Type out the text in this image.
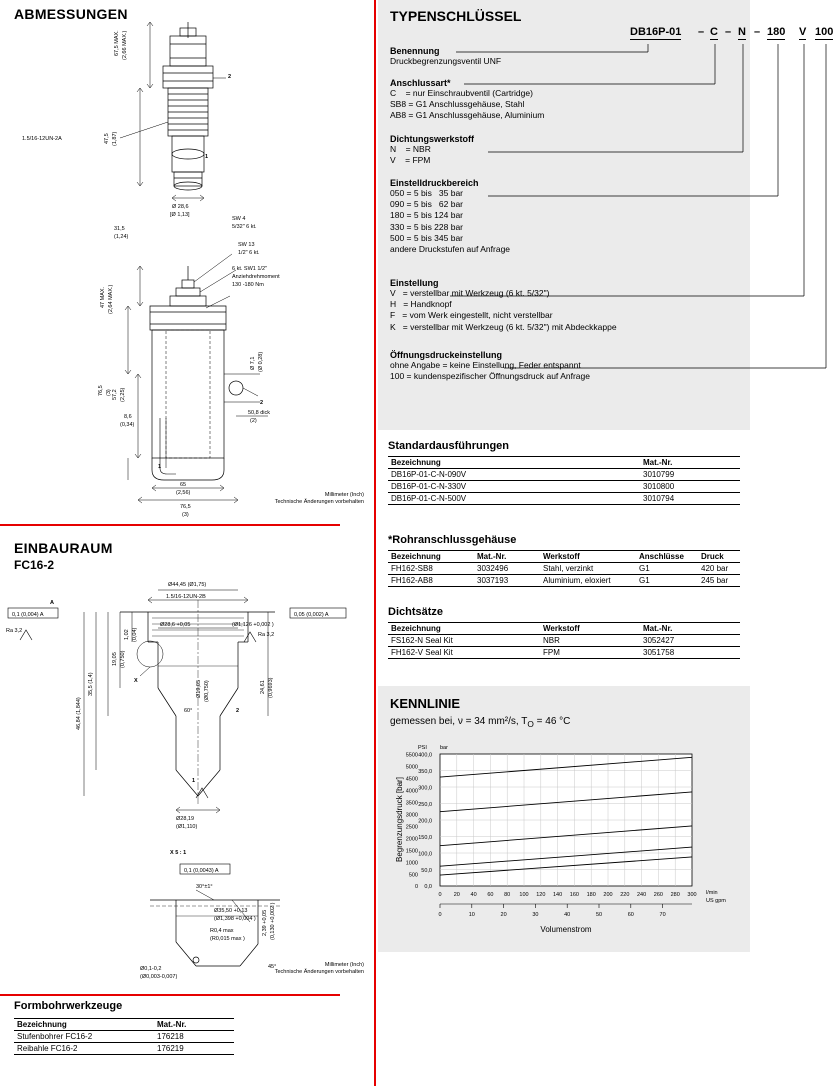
ABMESSUNGEN
67,5 MAX. (2,66 MAX.)
47,5 (1,87)
Ø 28,6
[Ø 1,13]
1.5/16-12UN-2A
2
1
SW 4
5/32" 6 kt.
SW 13
1/2" 6 kt.
31,5
(1,24)
6 kt. SW1 1/2"
Anziehdrehmoment
130 -180 Nm
47 MAX. (2,64 MAX.)
57,2 (2,25)
76,5 (3)
8,6
(0,34)
Ø 7,1 (Ø 0,28)
2
50,8 dick
(2)
65
(2,56)
76,5
(3)
1
Millimeter (Inch)
Technische Änderungen vorbehalten
EINBAURAUM
FC16-2
Ø44,45 (Ø1,75)
1.5/16-12UN-2B
Ø28,6 +0,05	(Ø1,126 +0,002 )
0,1 (0,004) A	0,05 (0,002) A
Ra 3,2
Ra 3,2
1,02 (0,04)
19,05 (0,750)
35,5 (1,4)
46,84 (1,844)
24,61 (0,9693)
Ø19,05 (Ø0,750)
60°
Ø28,19
(Ø1,110)
X
2
1
X 5 : 1
0,1 (0,0043) A
30°±1°
Ø35,50 +0,13
(Ø1,398 +0,004 )
R0,4 max
(R0,015 max )
2,39 +0,05 (0,130 +0,002 )
Ø0,1-0,2
(Ø0,003-0,007)
45°
A
Millimeter (Inch)
Technische Änderungen vorbehalten
Formbohrwerkzeuge
Bezeichnung	Mat.-Nr.
Stufenbohrer FC16-2	176218
Reibahle FC16-2	176219
TYPENSCHLÜSSEL
DB16P-01 – C – N – 180 V 100
Benennung
Druckbegrenzungsventil UNF
Anschlussart*
C    = nur Einschraubventil (Cartridge)
SB8 = G1 Anschlussgehäuse, Stahl
AB8 = G1 Anschlussgehäuse, Aluminium
Dichtungswerkstoff
N    = NBR
V    = FPM
Einstelldruckbereich
050 = 5 bis   35 bar
090 = 5 bis   62 bar
180 = 5 bis 124 bar
330 = 5 bis 228 bar
500 = 5 bis 345 bar
andere Druckstufen auf Anfrage
Einstellung
V   = verstellbar mit Werkzeug (6 kt. 5/32")
H   = Handknopf
F   = vom Werk eingestellt, nicht verstellbar
K   = verstellbar mit Werkzeug (6 kt. 5/32") mit Abdeckkappe
Öffnungsdruckeinstellung
ohne Angabe = keine Einstellung, Feder entspannt
100 = kundenspezifischer Öffnungsdruck auf Anfrage
Standardausführungen
Bezeichnung	Mat.-Nr.
DB16P-01-C-N-090V	3010799
DB16P-01-C-N-330V	3010800
DB16P-01-C-N-500V	3010794
*Rohranschlussgehäuse
Bezeichnung	Mat.-Nr.	Werkstoff	Anschlüsse	Druck
FH162-SB8	3032496	Stahl, verzinkt	G1	420 bar
FH162-AB8	3037193	Aluminium, eloxiert	G1	245 bar
Dichtsätze
Bezeichnung	Werkstoff	Mat.-Nr.
FS162-N Seal Kit	NBR	3052427
FH162-V Seal Kit	FPM	3051758
KENNLINIE
gemessen bei, ν = 34 mm²/s, $T_O = 46$ °C
400,0
350,0
300,0
250,0
200,0
150,0
100,0
50,0
0,0
bar
PSI
5500
5000
4500
4000
3500
3000
2500
2000
1500
1000
500
0
0 20 40 60 80 100 120 140 160 180 200 220 240 260 280 300 l/min
0	10	20	30	40	50	60	70
US gpm
Begrenzungsdruck [bar]
Volumenstrom
